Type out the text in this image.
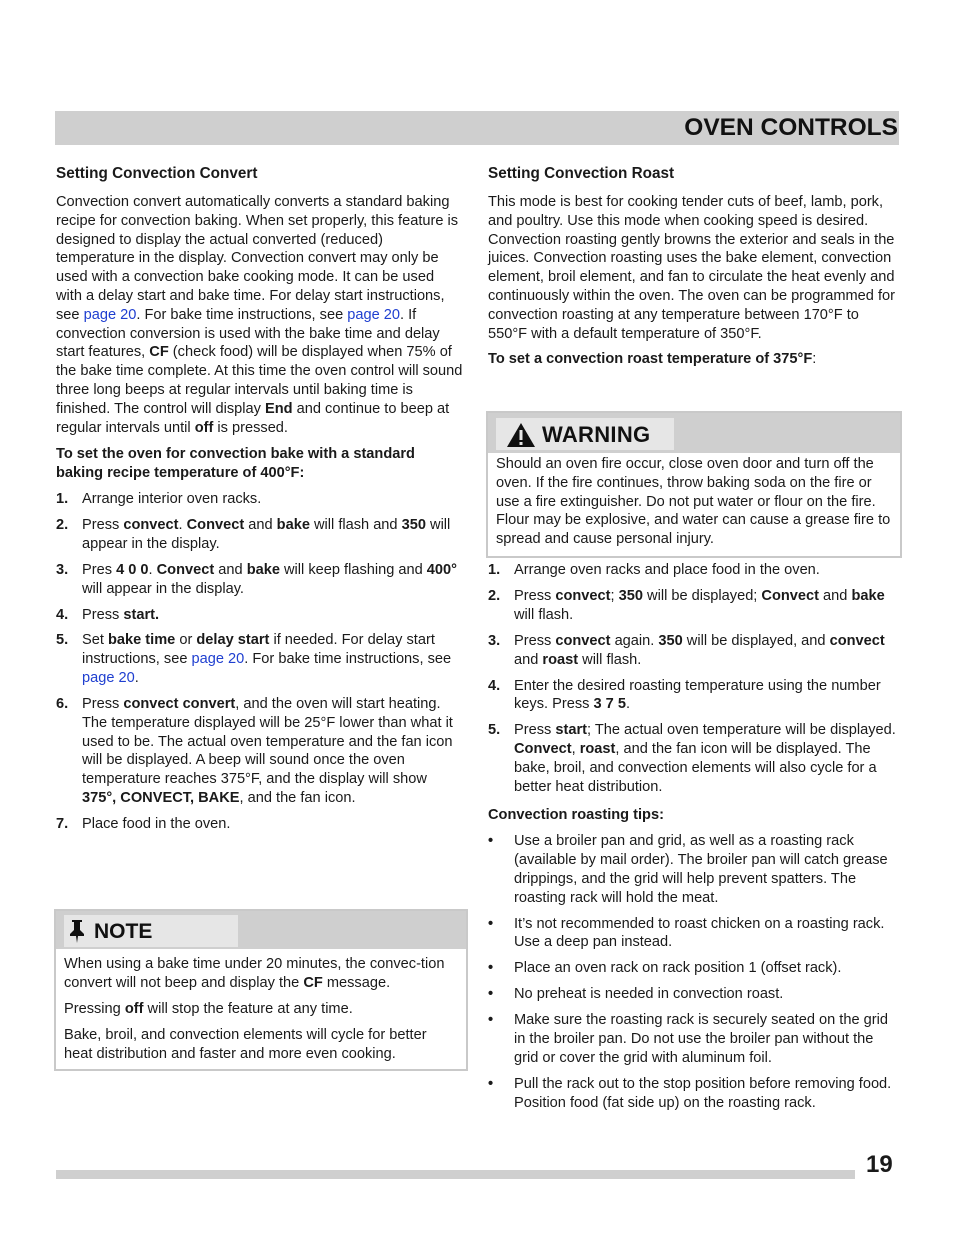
OVEN CONTROLS
Setting Convection Convert

Convection convert automatically converts a standard baking recipe for convection baking. When set properly, this feature is designed to display the actual converted (reduced) temperature in the display. Convection convert may only be used with a convection bake cooking mode. It can be used with a delay start and bake time. For delay start instructions, see page 20. For bake time instructions, see page 20. If convection conversion is used with the bake time and delay start features, CF (check food) will be displayed when 75% of the bake time complete. At this time the oven control will sound three long beeps at regular intervals until baking time is finished. The control will display End and continue to beep at regular intervals until off is pressed.

To set the oven for convection bake with a standard baking recipe temperature of 400°F:

1. Arrange interior oven racks.
2. Press convect. Convect and bake will flash and 350 will appear in the display.
3. Pres 4 0 0. Convect and bake will keep flashing and 400° will appear in the display.
4. Press start.
5. Set bake time or delay start if needed. For delay start instructions, see page 20. For bake time instructions, see page 20.
6. Press convect convert, and the oven will start heating. The temperature displayed will be 25°F lower than what it used to be. The actual oven temperature and the fan icon will be displayed. A beep will sound once the oven temperature reaches 375°F, and the display will show 375°, CONVECT, BAKE, and the fan icon.
7. Place food in the oven.
NOTE

When using a bake time under 20 minutes, the convec-tion convert will not beep and display the CF message.

Pressing off will stop the feature at any time.

Bake, broil, and convection elements will cycle for better heat distribution and faster and more even cooking.

Setting Convection Roast

This mode is best for cooking tender cuts of beef, lamb, pork, and poultry. Use this mode when cooking speed is desired. Convection roasting gently browns the exterior and seals in the juices. Convection roasting uses the bake element, convection element, broil element, and fan to circulate the heat evenly and continuously within the oven. The oven can be programmed for convection roasting at any temperature between 170°F to 550°F with a default temperature of 350°F.

To set a convection roast temperature of 375°F:

WARNING

Should an oven fire occur, close oven door and turn off the oven. If the fire continues, throw baking soda on the fire or use a fire extinguisher. Do not put water or flour on the fire. Flour may be explosive, and water can cause a grease fire to spread and cause personal injury.

1. Arrange oven racks and place food in the oven.
2. Press convect; 350 will be displayed; Convect and bake will flash.
3. Press convect again. 350 will be displayed, and convect and roast will flash.
4. Enter the desired roasting temperature using the number keys. Press 3 7 5.
5. Press start; The actual oven temperature will be displayed. Convect, roast, and the fan icon will be displayed. The bake, broil, and convection elements will also cycle for a better heat distribution.

Convection roasting tips:

• Use a broiler pan and grid, as well as a roasting rack (available by mail order). The broiler pan will catch grease drippings, and the grid will help prevent spatters. The roasting rack will hold the meat.
• It’s not recommended to roast chicken on a roasting rack. Use a deep pan instead.
• Place an oven rack on rack position 1 (offset rack).
• No preheat is needed in convection roast.
• Make sure the roasting rack is securely seated on the grid in the broiler pan. Do not use the broiler pan without the grid or cover the grid with aluminum foil.
• Pull the rack out to the stop position before removing food. Position food (fat side up) on the roasting rack.
19
